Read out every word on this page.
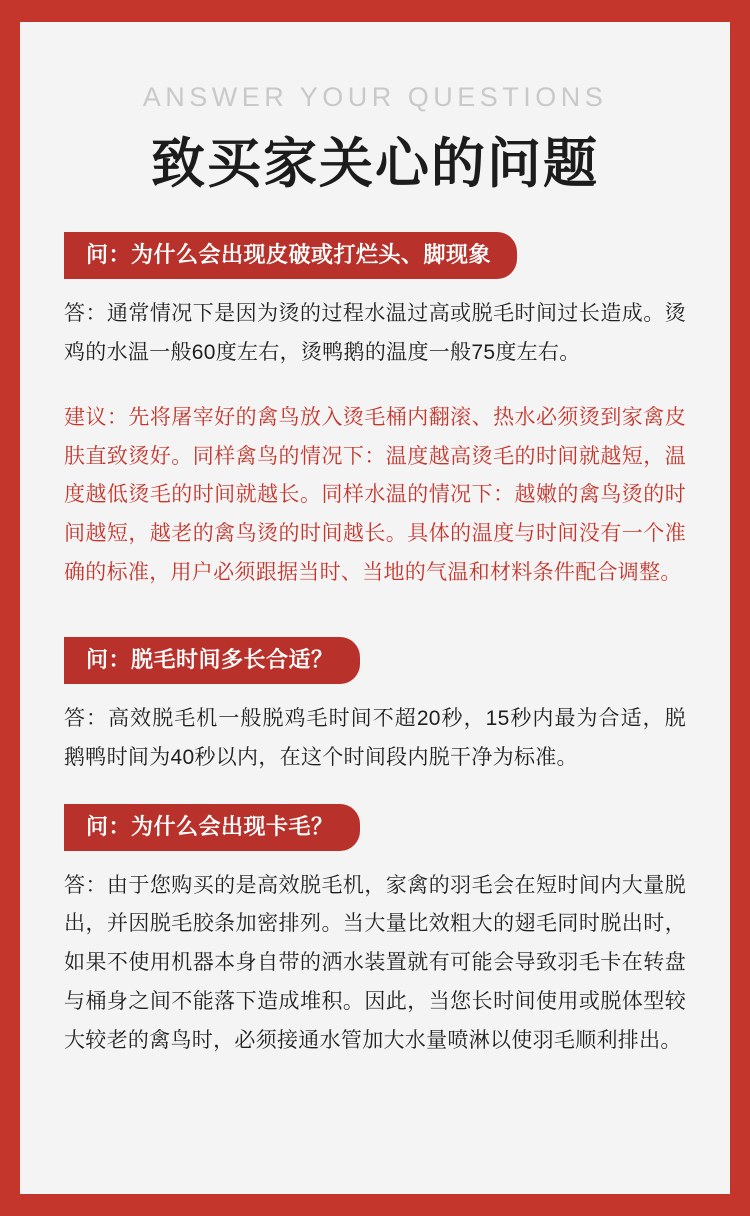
ANSWER YOUR QUESTIONS
致买家关心的问题
问：为什么会出现皮破或打烂头、脚现象

答：通常情况下是因为烫的过程水温过高或脱毛时间过长造成。烫鸡的水温一般60度左右，烫鸭鹅的温度一般75度左右。

建议：先将屠宰好的禽鸟放入烫毛桶内翻滚、热水必须烫到家禽皮肤直致烫好。同样禽鸟的情况下：温度越高烫毛的时间就越短，温度越低烫毛的时间就越长。同样水温的情况下：越嫩的禽鸟烫的时间越短，越老的禽鸟烫的时间越长。具体的温度与时间没有一个准确的标准，用户必须跟据当时、当地的气温和材料条件配合调整。

问：脱毛时间多长合适？

答：高效脱毛机一般脱鸡毛时间不超20秒，15秒内最为合适，脱鹅鸭时间为40秒以内，在这个时间段内脱干净为标准。

问：为什么会出现卡毛？

答：由于您购买的是高效脱毛机，家禽的羽毛会在短时间内大量脱出，并因脱毛胶条加密排列。当大量比效粗大的翅毛同时脱出时，如果不使用机器本身自带的洒水装置就有可能会导致羽毛卡在转盘与桶身之间不能落下造成堆积。因此，当您长时间使用或脱体型较大较老的禽鸟时，必须接通水管加大水量喷淋以使羽毛顺利排出。
